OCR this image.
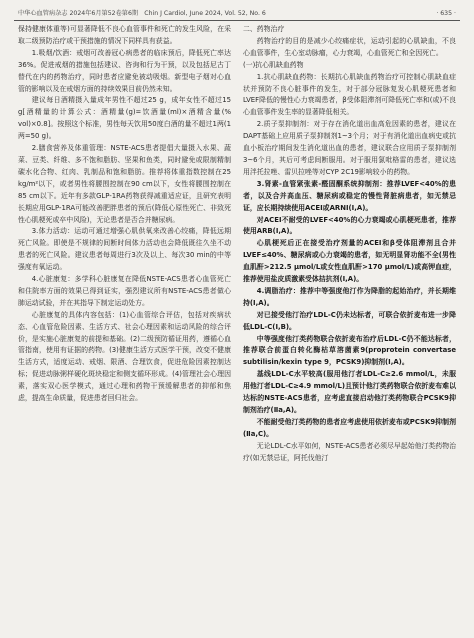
中华心血管病杂志 2024年6月第52卷第6期　Chin J Cardiol, June 2024, Vol. 52, No. 6	· 635 ·

保持健康体重等)可显著降低不良心血管事件和死亡的发生风险，在采取二级预防治疗或干预措施的情况下同样具有获益。

1.吸烟/饮酒：戒烟可改善冠心病患者的临床预后，降低死亡率达36%。促进戒烟的措施包括建议、咨询和行为干预，以及包括尼古丁替代在内的药物治疗，同时患者应避免被动吸烟。新型电子烟对心血管的影响以及在戒烟方面的持续效果目前仍然未知。

建议每日酒精摄入量成年男性不超过25 g，成年女性不超过15 g[酒精量的计算公式：酒精量(g)=饮酒量(ml)×酒精含量(% vol)×0.8]。按照这个标准，男性每天饮用50度白酒的量不超过1两(1两=50 g)。

2.膳食营养及体重管理：NSTE-ACS患者提倡大量摄入水果、蔬菜、豆类、纤维、多不饱和脂肪、坚果和鱼类，同时避免或限制精制碳水化合物、红肉、乳制品和饱和脂肪。推荐将体重指数控制在25 kg/m²以下，或者男性将腰围控制在90 cm以下，女性将腰围控制在85 cm以下。近年有多款GLP-1RA药物获得减重适应证，且研究表明长期应用GLP-1RA可能改善肥胖患者的预后(降低心原性死亡、非致死性心肌梗死或卒中风险)，无论患者是否合并糖尿病。

3.体力活动：运动可通过增强心肌供氧来改善心绞痛，降低远期死亡风险。即使是不规律的间断时间体力活动也会降低既往久坐不动患者的死亡风险。建议患者每周进行3次及以上、每次30 min的中等强度有氧运动。

4.心脏康复：多学科心脏康复在降低NSTE-ACS患者心血管死亡和住院率方面的效果已得到证实，强烈建议所有NSTE-ACS患者做心肺运动试验，并在其指导下制定运动处方。

心脏康复的具体内容包括：(1)心血管综合评估，包括对疾病状态、心血管危险因素、生活方式、社会心理因素和运动风险的综合评价，是实施心脏康复的前提和基础。(2)二级预防循证用药，遵循心血管指南，使用有证据的药物。(3)健康生活方式医学干预，改变不健康生活方式，适度运动、戒烟、限酒、合理饮食，促进危险因素控制达标；促进动脉粥样硬化斑块稳定和侧支循环形成。(4)管理社会心理因素，落实双心医学模式，通过心理和药物干预缓解患者的抑郁和焦虑，提高生命质量，促进患者回归社会。

二、药物治疗

药物治疗的目的是减少心绞痛症状，运动引起的心肌缺血，不良心血管事件，生心室动脉瘤，心力衰竭，心血管死亡和全因死亡。

(一)抗心肌缺血药物

1.抗心肌缺血药物：长期抗心肌缺血药物治疗可控制心肌缺血症状并预防不良心脏事件的发生，对于部分冠脉复发心肌梗死患者和LVEF降低的慢性心力衰竭患者，β受体阻滞剂可降低死亡率和(或)不良心血管事件发生率的显著降低相关。

2.质子泵抑制剂：对于存在消化道出血高危因素的患者，建议在DAPT基础上应用质子泵抑制剂1~3个月；对于有消化道出血病史或抗血小板治疗期间发生消化道出血的患者，建议联合应用质子泵抑制剂3~6个月，其后可考虑间断服用。对于服用氯吡格雷的患者，建议选用泮托拉唑、雷贝拉唑等对CYP 2C19影响较小的药物。

3.肾素-血管紧张素-醛固酮系统抑制剂：推荐LVEF<40%的患者，以及合并高血压、糖尿病或稳定的慢性肾脏病患者，如无禁忌证，应长期持续使用ACEI或ARNI(Ⅰ,A)。

对ACEI不耐受的LVEF<40%的心力衰竭或心肌梗死患者，推荐使用ARB(Ⅰ,A)。

心肌梗死后正在接受治疗剂量的ACEI和β受体阻滞剂且合并LVEF≤40%、糖尿病或心力衰竭的患者，如无明显肾功能不全(男性血肌酐>212.5 μmol/L或女性血肌酐>170 μmol/L)或高钾血症，推荐使用盐皮质激素受体拮抗剂(Ⅰ,A)。

4.调脂治疗：推荐中等强度他汀作为降脂的起始治疗，并长期维持(Ⅰ,A)。

对已接受他汀治疗LDL-C仍未达标者，可联合依折麦布进一步降低LDL-C(Ⅰ,B)。

中等强度他汀类药物联合依折麦布治疗后LDL-C仍不能达标者，推荐联合前蛋白转化酶枯草溶菌素9(proprotein convertase subtilisin/kexin type 9，PCSK9)抑制剂(Ⅰ,A)。

基线LDL-C水平较高(服用他汀者LDL-C≥2.6 mmol/L，未服用他汀者LDL-C≥4.9 mmol/L)且预计他汀类药物联合依折麦布难以达标的NSTE-ACS患者，应考虑直接启动他汀类药物联合PCSK9抑制剂治疗(Ⅱa,A)。

不能耐受他汀类药物的患者应考虑使用依折麦布或PCSK9抑制剂(Ⅱa,C)。

无论LDL-C水平如何，NSTE-ACS患者必须尽早起始他汀类药物治疗(如无禁忌证，阿托伐他汀
